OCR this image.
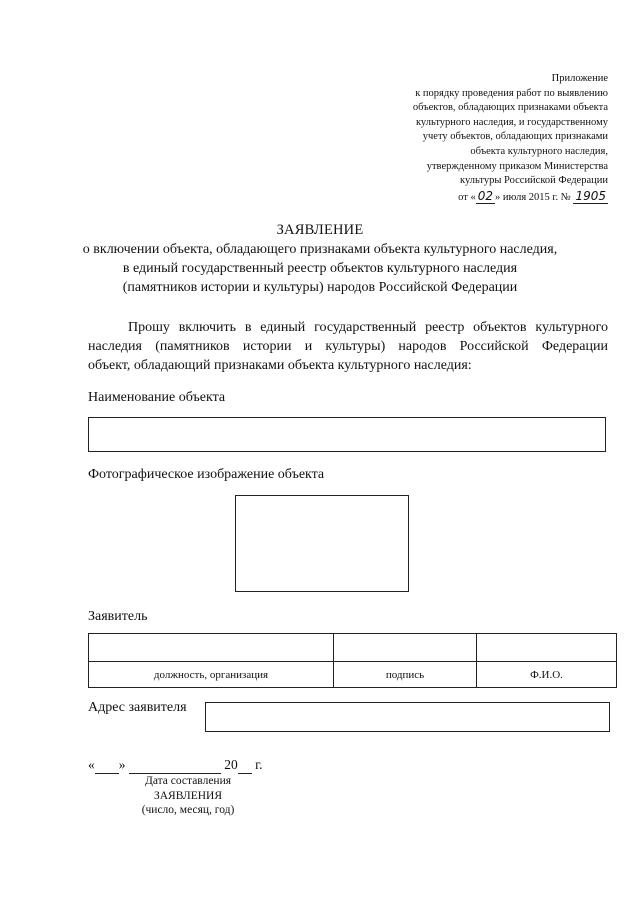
Приложение
к порядку проведения работ по выявлению
объектов, обладающих признаками объекта
культурного наследия, и государственному
учету объектов, обладающих признаками
объекта культурного наследия,
утвержденному приказом Министерства
культуры Российской Федерации
от « 02 » июля 2015 г. № 1905
ЗАЯВЛЕНИЕ
о включении объекта, обладающего признаками объекта культурного наследия,
в единый государственный реестр объектов культурного наследия
(памятников истории и культуры) народов Российской Федерации
Прошу включить в единый государственный реестр объектов культурного
наследия (памятников истории и культуры) народов Российской Федерации
объект, обладающий признаками объекта культурного наследия:
Наименование объекта
Фотографическое изображение объекта
Заявитель

должность, организация	подпись	Ф.И.О.
Адрес заявителя
« »	20 г.
Дата составления
ЗАЯВЛЕНИЯ
(число, месяц, год)
